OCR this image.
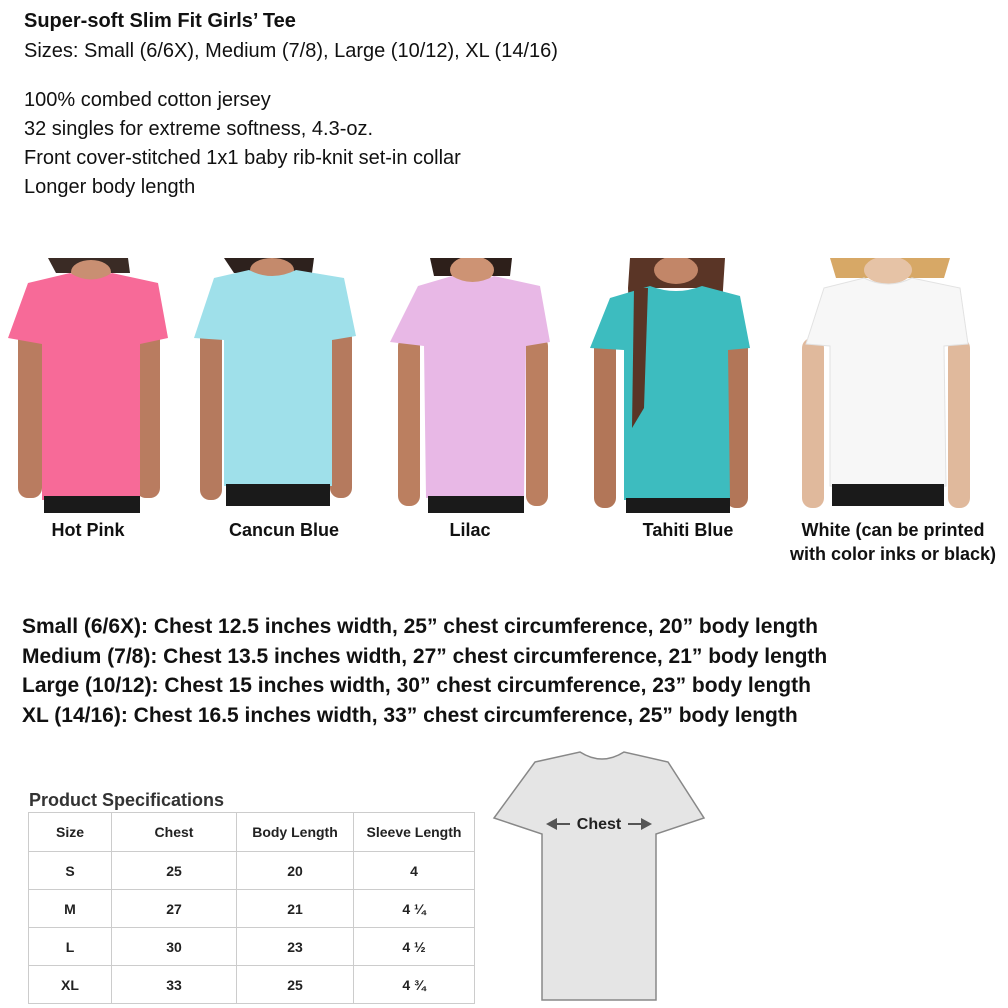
Super-soft Slim Fit Girls’ Tee
Sizes: Small (6/6X), Medium (7/8), Large (10/12), XL (14/16)
100% combed cotton jersey
32 singles for extreme softness, 4.3-oz.
Front cover-stitched 1x1 baby rib-knit set-in collar
Longer body length
Hot Pink	Cancun Blue	Lilac	Tahiti Blue	White (can be printed with color inks or black)
Small (6/6X): Chest 12.5 inches width, 25” chest circumference, 20” body length
Medium (7/8): Chest 13.5 inches width, 27” chest circumference, 21” body length
Large (10/12): Chest 15 inches width, 30” chest circumference, 23” body length
XL (14/16): Chest 16.5 inches width, 33” chest circumference, 25” body length
Product Specifications
Size	Chest	Body Length	Sleeve Length
S	25	20	4
M	27	21	4 ¼
L	30	23	4 ½
XL	33	25	4 ¾
Chest
